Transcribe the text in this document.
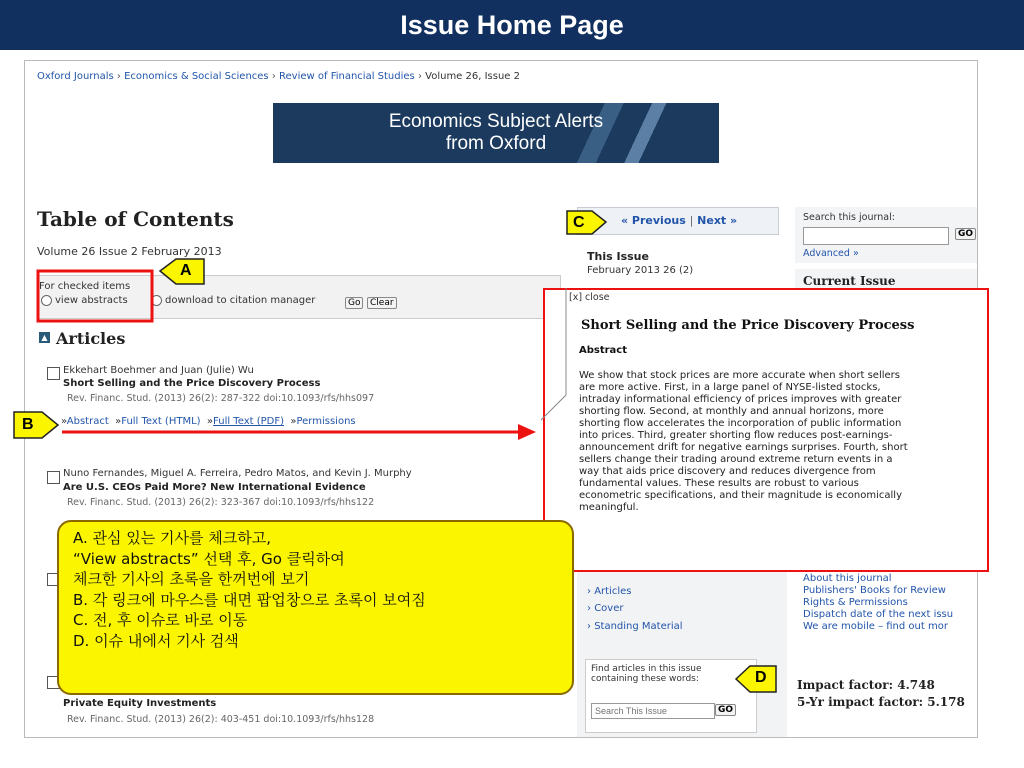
Issue Home Page
Oxford Journals › Economics & Social Sciences › Review of Financial Studies › Volume 26, Issue 2
Economics Subject Alerts
from Oxford
Table of Contents
Volume 26 Issue 2 February 2013
For checked items
view abstracts	download to citation manager	Go	Clear
▲ Articles
Ekkehart Boehmer and Juan (Julie) Wu
Short Selling and the Price Discovery Process
Rev. Financ. Stud. (2013) 26(2): 287-322 doi:10.1093/rfs/hhs097
»Abstract »Full Text (HTML) »Full Text (PDF) »Permissions
Nuno Fernandes, Miguel A. Ferreira, Pedro Matos, and Kevin J. Murphy
Are U.S. CEOs Paid More? New International Evidence
Rev. Financ. Stud. (2013) 26(2): 323-367 doi:10.1093/rfs/hhs122
Private Equity Investments
Rev. Financ. Stud. (2013) 26(2): 403-451 doi:10.1093/rfs/hhs128
« Previous | Next »
This Issue
February 2013 26 (2)
Search this journal:
GO
Advanced »
Current Issue
› Articles
› Cover
› Standing Material
About this journal
Publishers' Books for Review
Rights & Permissions
Dispatch date of the next issu
We are mobile – find out mor
Find articles in this issue
containing these words:
Search This Issue
GO
Impact factor: 4.748
5-Yr impact factor: 5.178
[x] close
Short Selling and the Price Discovery Process
Abstract
We show that stock prices are more accurate when short sellers
are more active. First, in a large panel of NYSE-listed stocks,
intraday informational efficiency of prices improves with greater
shorting flow. Second, at monthly and annual horizons, more
shorting flow accelerates the incorporation of public information
into prices. Third, greater shorting flow reduces post-earnings-
announcement drift for negative earnings surprises. Fourth, short
sellers change their trading around extreme return events in a
way that aids price discovery and reduces divergence from
fundamental values. These results are robust to various
econometric specifications, and their magnitude is economically
meaningful.
A
B
C
D
A. 관심 있는 기사를 체크하고,
“View abstracts” 선택 후, Go 클릭하여
체크한 기사의 초록을 한꺼번에 보기
B. 각 링크에 마우스를 대면 팝업창으로 초록이 보여짐
C. 전, 후 이슈로 바로 이동
D. 이슈 내에서 기사 검색
